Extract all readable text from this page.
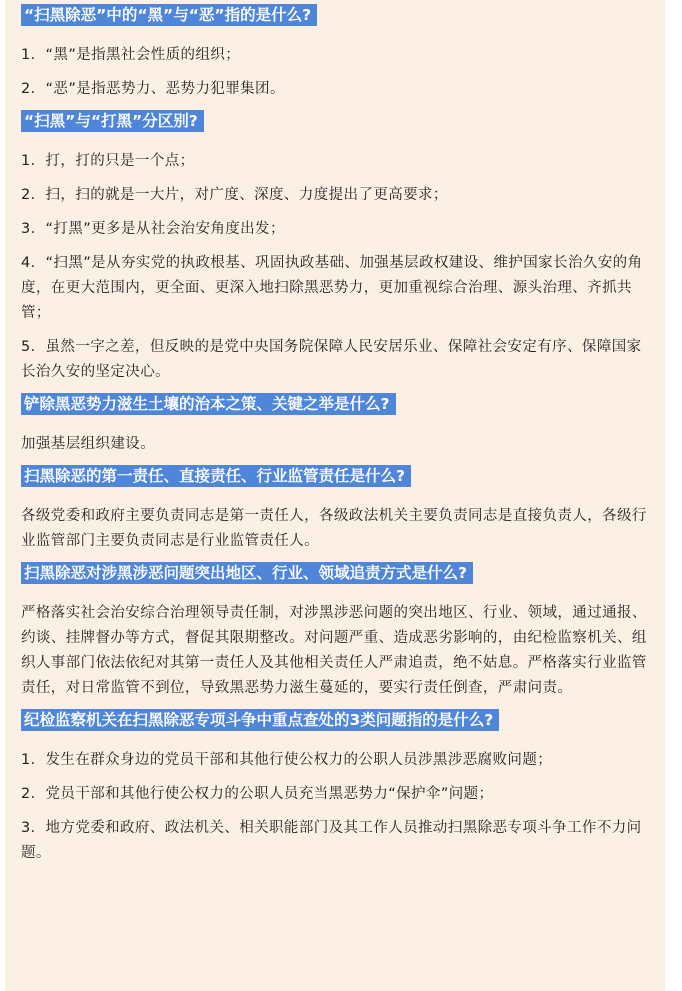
“扫黑除恶”中的“黑”与“恶”指的是什么?

1．“黑”是指黑社会性质的组织；

2．“恶”是指恶势力、恶势力犯罪集团。

“扫黑”与“打黑”分区别?

1．打，打的只是一个点；

2．扫，扫的就是一大片，对广度、深度、力度提出了更高要求；

3．“打黑”更多是从社会治安角度出发；

4．“扫黑”是从夯实党的执政根基、巩固执政基础、加强基层政权建设、维护国家长治久安的角度，在更大范围内，更全面、更深入地扫除黑恶势力，更加重视综合治理、源头治理、齐抓共管；

5．虽然一字之差，但反映的是党中央国务院保障人民安居乐业、保障社会安定有序、保障国家长治久安的坚定决心。

铲除黑恶势力滋生土壤的治本之策、关键之举是什么?

加强基层组织建设。

扫黑除恶的第一责任、直接责任、行业监管责任是什么?

各级党委和政府主要负责同志是第一责任人，各级政法机关主要负责同志是直接负责人，各级行业监管部门主要负责同志是行业监管责任人。

扫黑除恶对涉黑涉恶问题突出地区、行业、领域追责方式是什么?

严格落实社会治安综合治理领导责任制，对涉黑涉恶问题的突出地区、行业、领域，通过通报、约谈、挂牌督办等方式，督促其限期整改。对问题严重、造成恶劣影响的，由纪检监察机关、组织人事部门依法依纪对其第一责任人及其他相关责任人严肃追责，绝不姑息。严格落实行业监管责任，对日常监管不到位，导致黑恶势力滋生蔓延的，要实行责任倒查，严肃问责。

纪检监察机关在扫黑除恶专项斗争中重点查处的3类问题指的是什么?

1．发生在群众身边的党员干部和其他行使公权力的公职人员涉黑涉恶腐败问题；

2．党员干部和其他行使公权力的公职人员充当黑恶势力“保护伞”问题；

3．地方党委和政府、政法机关、相关职能部门及其工作人员推动扫黑除恶专项斗争工作不力问题。
